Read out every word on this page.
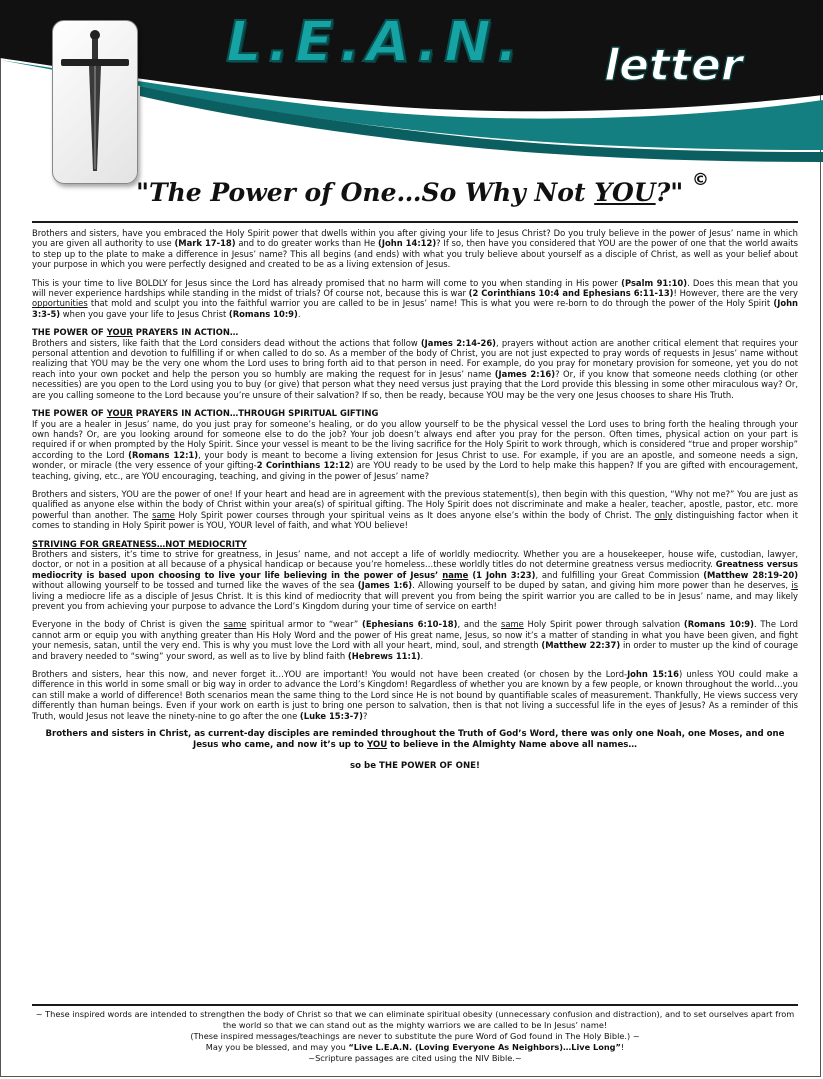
L.E.A.N. letter
"The Power of One…So Why Not YOU?" ©

Brothers and sisters, have you embraced the Holy Spirit power that dwells within you after giving your life to Jesus Christ? Do you truly believe in the power of Jesus’ name in which you are given all authority to use (Mark 17-18) and to do greater works than He (John 14:12)? If so, then have you considered that YOU are the power of one that the world awaits to step up to the plate to make a difference in Jesus’ name? This all begins (and ends) with what you truly believe about yourself as a disciple of Christ, as well as your belief about your purpose in which you were perfectly designed and created to be as a living extension of Jesus.

This is your time to live BOLDLY for Jesus since the Lord has already promised that no harm will come to you when standing in His power (Psalm 91:10). Does this mean that you will never experience hardships while standing in the midst of trials? Of course not, because this is war (2 Corinthians 10:4 and Ephesians 6:11-13)! However, there are the very opportunities that mold and sculpt you into the faithful warrior you are called to be in Jesus’ name! This is what you were re-born to do through the power of the Holy Spirit (John 3:3-5) when you gave your life to Jesus Christ (Romans 10:9).

THE POWER OF YOUR PRAYERS IN ACTION…

Brothers and sisters, like faith that the Lord considers dead without the actions that follow (James 2:14-26), prayers without action are another critical element that requires your personal attention and devotion to fulfilling if or when called to do so. As a member of the body of Christ, you are not just expected to pray words of requests in Jesus’ name without realizing that YOU may be the very one whom the Lord uses to bring forth aid to that person in need. For example, do you pray for monetary provision for someone, yet you do not reach into your own pocket and help the person you so humbly are making the request for in Jesus’ name (James 2:16)? Or, if you know that someone needs clothing (or other necessities) are you open to the Lord using you to buy (or give) that person what they need versus just praying that the Lord provide this blessing in some other miraculous way? Or, are you calling someone to the Lord because you’re unsure of their salvation? If so, then be ready, because YOU may be the very one Jesus chooses to share His Truth.

THE POWER OF YOUR PRAYERS IN ACTION…THROUGH SPIRITUAL GIFTING

If you are a healer in Jesus’ name, do you just pray for someone’s healing, or do you allow yourself to be the physical vessel the Lord uses to bring forth the healing through your own hands? Or, are you looking around for someone else to do the job? Your job doesn’t always end after you pray for the person. Often times, physical action on your part is required if or when prompted by the Holy Spirit. Since your vessel is meant to be the living sacrifice for the Holy Spirit to work through, which is considered “true and proper worship” according to the Lord (Romans 12:1), your body is meant to become a living extension for Jesus Christ to use. For example, if you are an apostle, and someone needs a sign, wonder, or miracle (the very essence of your gifting-2 Corinthians 12:12) are YOU ready to be used by the Lord to help make this happen? If you are gifted with encouragement, teaching, giving, etc., are YOU encouraging, teaching, and giving in the power of Jesus’ name?

Brothers and sisters, YOU are the power of one! If your heart and head are in agreement with the previous statement(s), then begin with this question, “Why not me?” You are just as qualified as anyone else within the body of Christ within your area(s) of spiritual gifting. The Holy Spirit does not discriminate and make a healer, teacher, apostle, pastor, etc. more powerful than another. The same Holy Spirit power courses through your spiritual veins as It does anyone else’s within the body of Christ. The only distinguishing factor when it comes to standing in Holy Spirit power is YOU, YOUR level of faith, and what YOU believe!

STRIVING FOR GREATNESS…NOT MEDIOCRITY

Brothers and sisters, it’s time to strive for greatness, in Jesus’ name, and not accept a life of worldly mediocrity. Whether you are a housekeeper, house wife, custodian, lawyer, doctor, or not in a position at all because of a physical handicap or because you’re homeless…these worldly titles do not determine greatness versus mediocrity. Greatness versus mediocrity is based upon choosing to live your life believing in the power of Jesus’ name (1 John 3:23), and fulfilling your Great Commission (Matthew 28:19-20) without allowing yourself to be tossed and turned like the waves of the sea (James 1:6). Allowing yourself to be duped by satan, and giving him more power than he deserves, is living a mediocre life as a disciple of Jesus Christ. It is this kind of mediocrity that will prevent you from being the spirit warrior you are called to be in Jesus’ name, and may likely prevent you from achieving your purpose to advance the Lord’s Kingdom during your time of service on earth!

Everyone in the body of Christ is given the same spiritual armor to “wear” (Ephesians 6:10-18), and the same Holy Spirit power through salvation (Romans 10:9). The Lord cannot arm or equip you with anything greater than His Holy Word and the power of His great name, Jesus, so now it’s a matter of standing in what you have been given, and fight your nemesis, satan, until the very end. This is why you must love the Lord with all your heart, mind, soul, and strength (Matthew 22:37) in order to muster up the kind of courage and bravery needed to “swing” your sword, as well as to live by blind faith (Hebrews 11:1).

Brothers and sisters, hear this now, and never forget it…YOU are important! You would not have been created (or chosen by the Lord-John 15:16) unless YOU could make a difference in this world in some small or big way in order to advance the Lord’s Kingdom! Regardless of whether you are known by a few people, or known throughout the world…you can still make a world of difference! Both scenarios mean the same thing to the Lord since He is not bound by quantifiable scales of measurement. Thankfully, He views success very differently than human beings. Even if your work on earth is just to bring one person to salvation, then is that not living a successful life in the eyes of Jesus? As a reminder of this Truth, would Jesus not leave the ninety-nine to go after the one (Luke 15:3-7)?

Brothers and sisters in Christ, as current-day disciples are reminded throughout the Truth of God’s Word, there was only one Noah, one Moses, and one Jesus who came, and now it’s up to YOU to believe in the Almighty Name above all names…
so be THE POWER OF ONE!

~ These inspired words are intended to strengthen the body of Christ so that we can eliminate spiritual obesity (unnecessary confusion and distraction), and to set ourselves apart from the world so that we can stand out as the mighty warriors we are called to be In Jesus’ name!

(These inspired messages/teachings are never to substitute the pure Word of God found in The Holy Bible.) ~

May you be blessed, and may you “Live L.E.A.N. (Loving Everyone As Neighbors)…Live Long”!

~Scripture passages are cited using the NIV Bible.~
